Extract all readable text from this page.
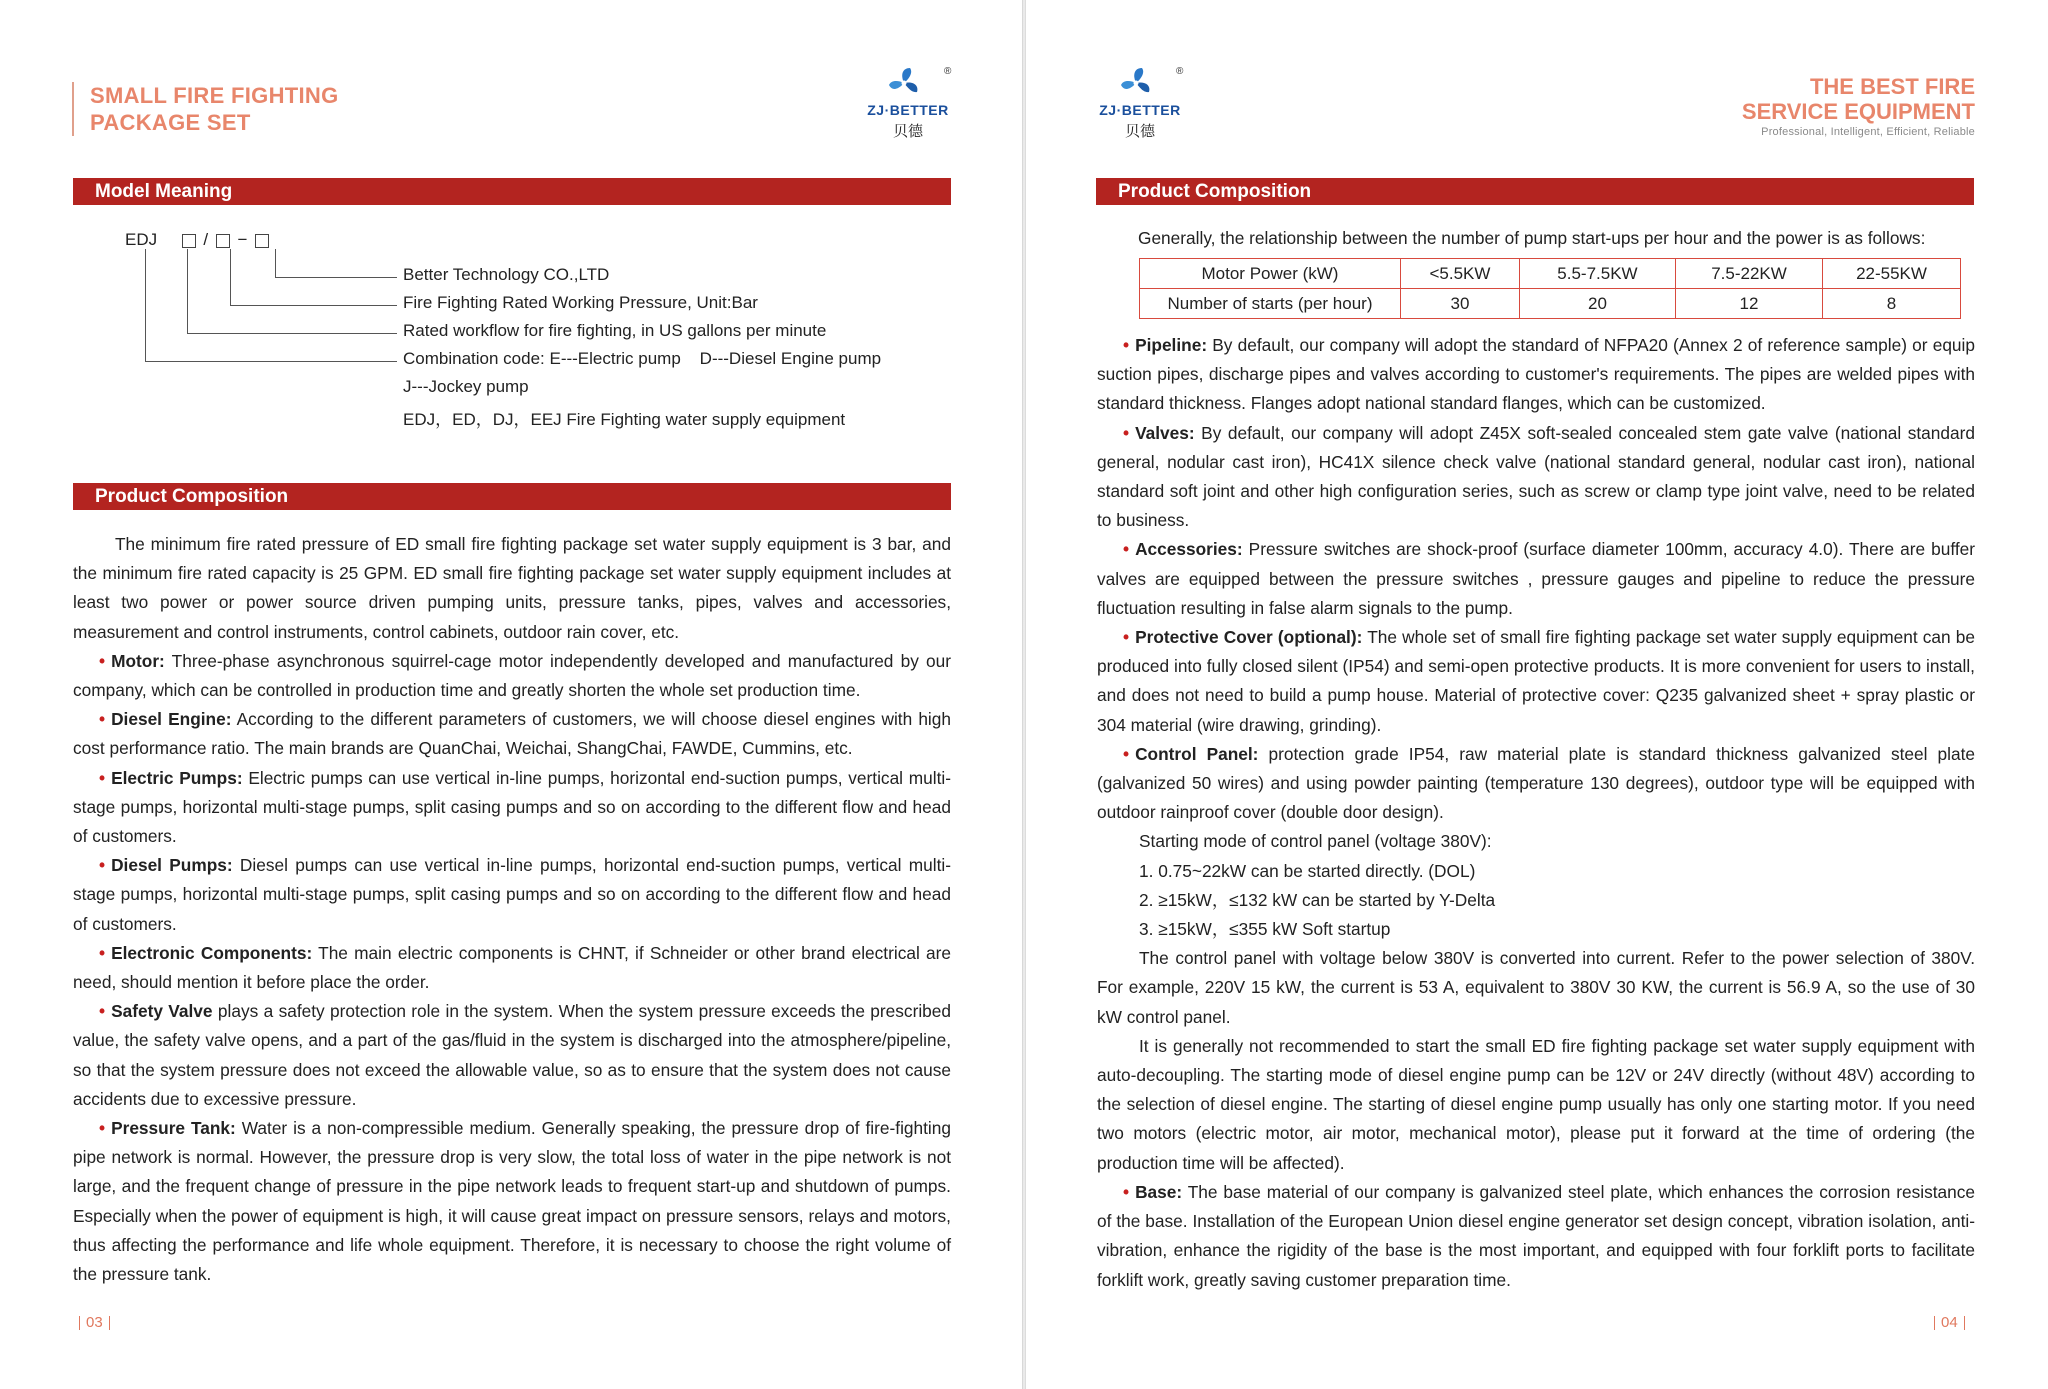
SMALL FIRE FIGHTING
PACKAGE SET
®
ZJ·BETTER
贝德
Model Meaning
EDJ	/ −
Better Technology CO.,LTD
Fire Fighting Rated Working Pressure, Unit:Bar
Rated workflow for fire fighting, in US gallons per minute
Combination code: E---Electric pump    D---Diesel Engine pump
J---Jockey pump
EDJ，ED，DJ，EEJ Fire Fighting water supply equipment
Product Composition

The minimum fire rated pressure of ED small fire fighting package set water supply equipment is 3 bar, and the minimum fire rated capacity is 25 GPM. ED small fire fighting package set water supply equipment includes at least two power or power source driven pumping units, pressure tanks, pipes, valves and accessories, measurement and control instruments, control cabinets, outdoor rain cover, etc.

• Motor: Three-phase asynchronous squirrel-cage motor independently developed and manufactured by our company, which can be controlled in production time and greatly shorten the whole set production time.

• Diesel Engine: According to the different parameters of customers, we will choose diesel engines with high cost performance ratio. The main brands are QuanChai, Weichai, ShangChai, FAWDE, Cummins, etc.

• Electric Pumps: Electric pumps can use vertical in-line pumps, horizontal end-suction pumps, vertical multi-stage pumps, horizontal multi-stage pumps, split casing pumps and so on according to the different flow and head of customers.

• Diesel Pumps: Diesel pumps can use vertical in-line pumps, horizontal end-suction pumps, vertical multi-stage pumps, horizontal multi-stage pumps, split casing pumps and so on according to the different flow and head of customers.

• Electronic Components: The main electric components is CHNT, if Schneider or other brand electrical are need, should mention it before place the order.

• Safety Valve plays a safety protection role in the system. When the system pressure exceeds the prescribed value, the safety valve opens, and a part of the gas/fluid in the system is discharged into the atmosphere/pipeline, so that the system pressure does not exceed the allowable value, so as to ensure that the system does not cause accidents due to excessive pressure.

• Pressure Tank: Water is a non-compressible medium. Generally speaking, the pressure drop of fire-fighting pipe network is normal. However, the pressure drop is very slow, the total loss of water in the pipe network is not large, and the frequent change of pressure in the pipe network leads to frequent start-up and shutdown of pumps. Especially when the power of equipment is high, it will cause great impact on pressure sensors, relays and motors, thus affecting the performance and life whole equipment. Therefore, it is necessary to choose the right volume of the pressure tank.

03
®
ZJ·BETTER
贝德
THE BEST FIRE
SERVICE EQUIPMENT
Professional, Intelligent, Efficient, Reliable
Product Composition
Generally, the relationship between the number of pump start-ups per hour and the power is as follows:
Motor Power (kW)	<5.5KW	5.5-7.5KW	7.5-22KW	22-55KW
Number of starts (per hour)	30	20	12	8

• Pipeline: By default, our company will adopt the standard of NFPA20 (Annex 2 of reference sample) or equip suction pipes, discharge pipes and valves according to customer's requirements. The pipes are welded pipes with standard thickness. Flanges adopt national standard flanges, which can be customized.

• Valves: By default, our company will adopt Z45X soft-sealed concealed stem gate valve (national standard general, nodular cast iron), HC41X silence check valve (national standard general, nodular cast iron), national standard soft joint and other high configuration series, such as screw or clamp type joint valve, need to be related to business.

• Accessories: Pressure switches are shock-proof (surface diameter 100mm, accuracy 4.0). There are buffer valves are equipped between the pressure switches , pressure gauges and pipeline to reduce the pressure fluctuation resulting in false alarm signals to the pump.

• Protective Cover (optional): The whole set of small fire fighting package set water supply equipment can be produced into fully closed silent (IP54) and semi-open protective products. It is more convenient for users to install, and does not need to build a pump house. Material of protective cover: Q235 galvanized sheet + spray plastic or 304 material (wire drawing, grinding).

• Control Panel: protection grade IP54, raw material plate is standard thickness galvanized steel plate (galvanized 50 wires) and using powder painting (temperature 130 degrees), outdoor type will be equipped with outdoor rainproof cover (double door design).

Starting mode of control panel (voltage 380V):

1. 0.75~22kW can be started directly. (DOL)

2. ≥15kW，≤132 kW can be started by Y-Delta

3. ≥15kW，≤355 kW Soft startup

The control panel with voltage below 380V is converted into current. Refer to the power selection of 380V. For example, 220V 15 kW, the current is 53 A, equivalent to 380V 30 KW, the current is 56.9 A, so the use of 30 kW control panel.

It is generally not recommended to start the small ED fire fighting package set water supply equipment with auto-decoupling. The starting mode of diesel engine pump can be 12V or 24V directly (without 48V) according to the selection of diesel engine. The starting of diesel engine pump usually has only one starting motor. If you need two motors (electric motor, air motor, mechanical motor), please put it forward at the time of ordering (the production time will be affected).

• Base: The base material of our company is galvanized steel plate, which enhances the corrosion resistance of the base. Installation of the European Union diesel engine generator set design concept, vibration isolation, anti-vibration, enhance the rigidity of the base is the most important, and equipped with four forklift ports to facilitate forklift work, greatly saving customer preparation time.

04
